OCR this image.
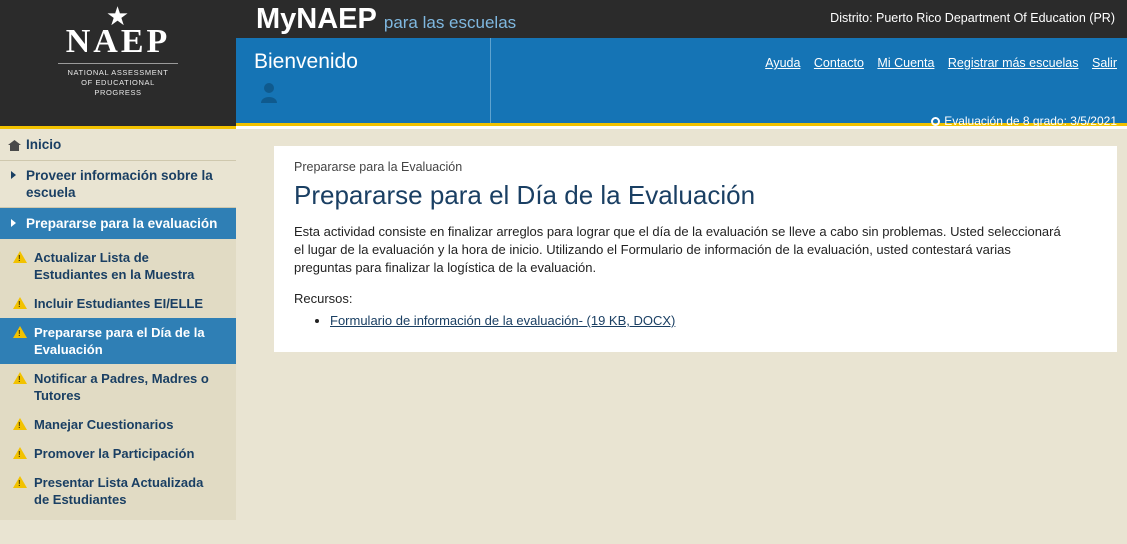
★
NAEP
NATIONAL ASSESSMENT
OF EDUCATIONAL
PROGRESS
MyNAEP para las escuelas	Distrito: Puerto Rico Department Of Education (PR)
Bienvenido	Ayuda Contacto Mi Cuenta Registrar más escuelas Salir
Evaluación de 8 grado: 3/5/2021
Inicio
Proveer información sobre la escuela
Prepararse para la evaluación
!
Actualizar Lista de Estudiantes en la Muestra
!
Incluir Estudiantes EI/ELLE
!
Prepararse para el Día de la Evaluación
!
Notificar a Padres, Madres o Tutores
!
Manejar Cuestionarios
!
Promover la Participación
!
Presentar Lista Actualizada de Estudiantes
Prepararse para la Evaluación
Prepararse para el Día de la Evaluación

Esta actividad consiste en finalizar arreglos para lograr que el día de la evaluación se lleve a cabo sin problemas. Usted seleccionará el lugar de la evaluación y la hora de inicio. Utilizando el Formulario de información de la evaluación, usted contestará varias preguntas para finalizar la logística de la evaluación.

Recursos:

• Formulario de información de la evaluación- (19 KB, DOCX)
